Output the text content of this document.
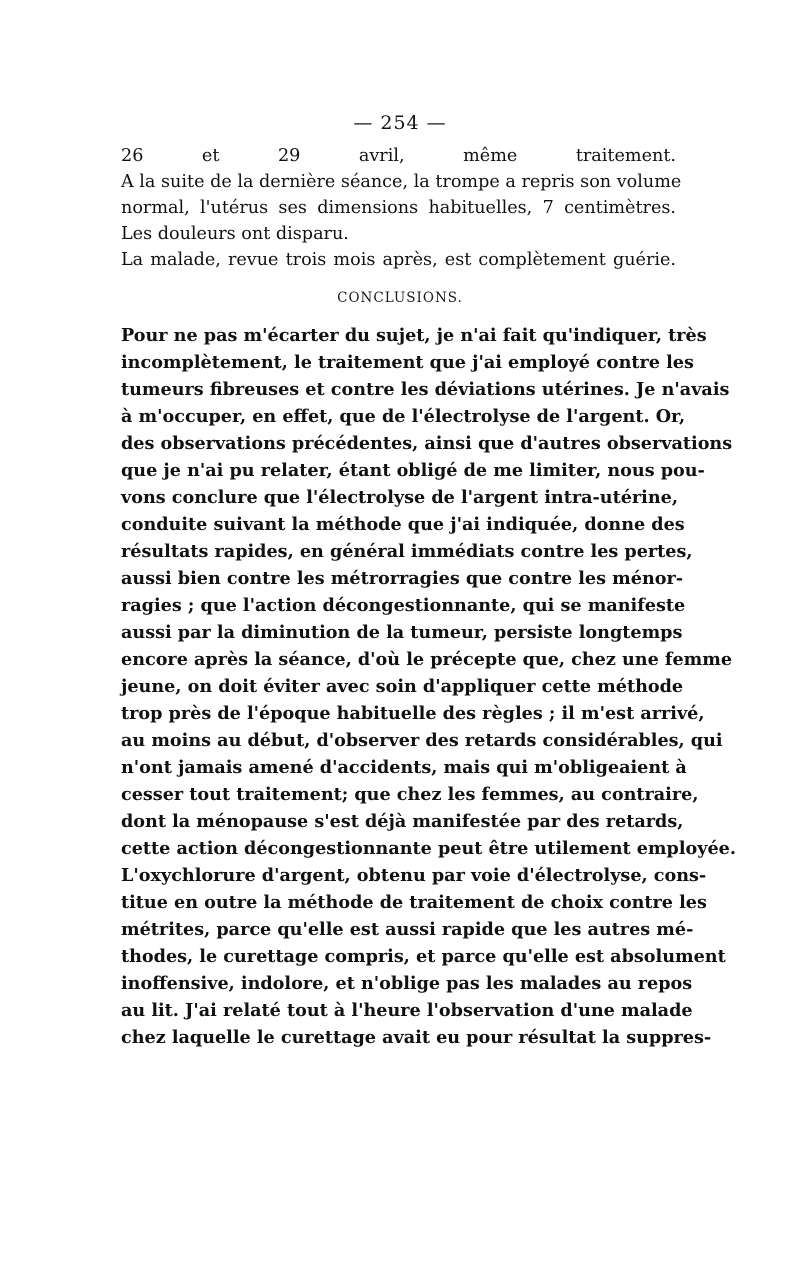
— 254 —
26 et 29 avril, même traitement.
A la suite de la dernière séance, la trompe a repris son volume
normal, l'utérus ses dimensions habituelles, 7 centimètres.
Les douleurs ont disparu.
La malade, revue trois mois après, est complètement guérie.
CONCLUSIONS.
Pour ne pas m'écarter du sujet, je n'ai fait qu'indiquer, très
incomplètement, le traitement que j'ai employé contre les
tumeurs fibreuses et contre les déviations utérines. Je n'avais
à m'occuper, en effet, que de l'électrolyse de l'argent. Or,
des observations précédentes, ainsi que d'autres observations
que je n'ai pu relater, étant obligé de me limiter, nous pou-
vons conclure que l'électrolyse de l'argent intra-utérine,
conduite suivant la méthode que j'ai indiquée, donne des
résultats rapides, en général immédiats contre les pertes,
aussi bien contre les métrorragies que contre les ménor-
ragies ; que l'action décongestionnante, qui se manifeste
aussi par la diminution de la tumeur, persiste longtemps
encore après la séance, d'où le précepte que, chez une femme
jeune, on doit éviter avec soin d'appliquer cette méthode
trop près de l'époque habituelle des règles ; il m'est arrivé,
au moins au début, d'observer des retards considérables, qui
n'ont jamais amené d'accidents, mais qui m'obligeaient à
cesser tout traitement; que chez les femmes, au contraire,
dont la ménopause s'est déjà manifestée par des retards,
cette action décongestionnante peut être utilement employée.
L'oxychlorure d'argent, obtenu par voie d'électrolyse, cons-
titue en outre la méthode de traitement de choix contre les
métrites, parce qu'elle est aussi rapide que les autres mé-
thodes, le curettage compris, et parce qu'elle est absolument
inoffensive, indolore, et n'oblige pas les malades au repos
au lit. J'ai relaté tout à l'heure l'observation d'une malade
chez laquelle le curettage avait eu pour résultat la suppres-
